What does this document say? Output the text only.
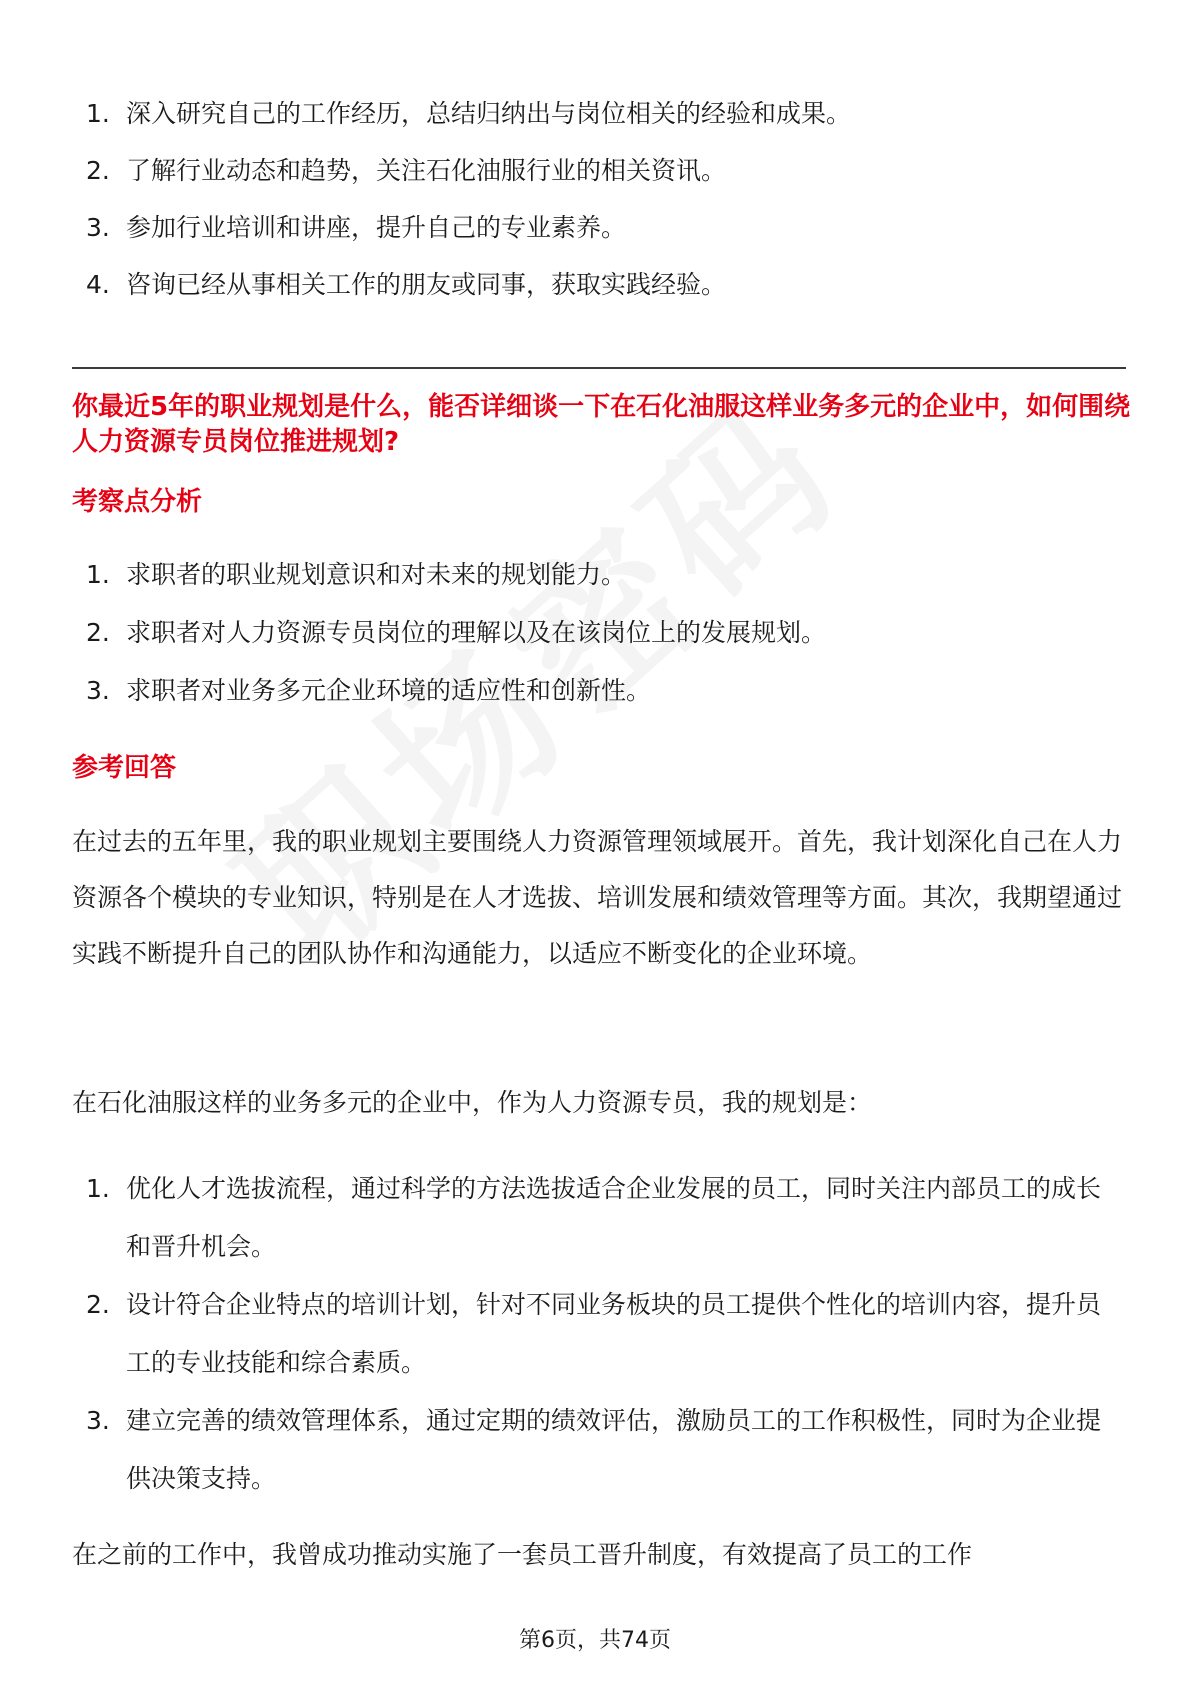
1. 深入研究自己的工作经历，总结归纳出与岗位相关的经验和成果。
2. 了解行业动态和趋势，关注石化油服行业的相关资讯。
3. 参加行业培训和讲座，提升自己的专业素养。
4. 咨询已经从事相关工作的朋友或同事，获取实践经验。
你最近5年的职业规划是什么，能否详细谈一下在石化油服这样业务多元的企业中，如何围绕人力资源专员岗位推进规划?
考察点分析
1. 求职者的职业规划意识和对未来的规划能力。
2. 求职者对人力资源专员岗位的理解以及在该岗位上的发展规划。
3. 求职者对业务多元企业环境的适应性和创新性。
参考回答
在过去的五年里，我的职业规划主要围绕人力资源管理领域展开。首先，我计划深化自己在人力资源各个模块的专业知识，特别是在人才选拔、培训发展和绩效管理等方面。其次，我期望通过实践不断提升自己的团队协作和沟通能力，以适应不断变化的企业环境。
在石化油服这样的业务多元的企业中，作为人力资源专员，我的规划是：
1. 优化人才选拔流程，通过科学的方法选拔适合企业发展的员工，同时关注内部员工的成长和晋升机会。
2. 设计符合企业特点的培训计划，针对不同业务板块的员工提供个性化的培训内容，提升员工的专业技能和综合素质。
3. 建立完善的绩效管理体系，通过定期的绩效评估，激励员工的工作积极性，同时为企业提供决策支持。
在之前的工作中，我曾成功推动实施了一套员工晋升制度，有效提高了员工的工作
第6页，共74页
